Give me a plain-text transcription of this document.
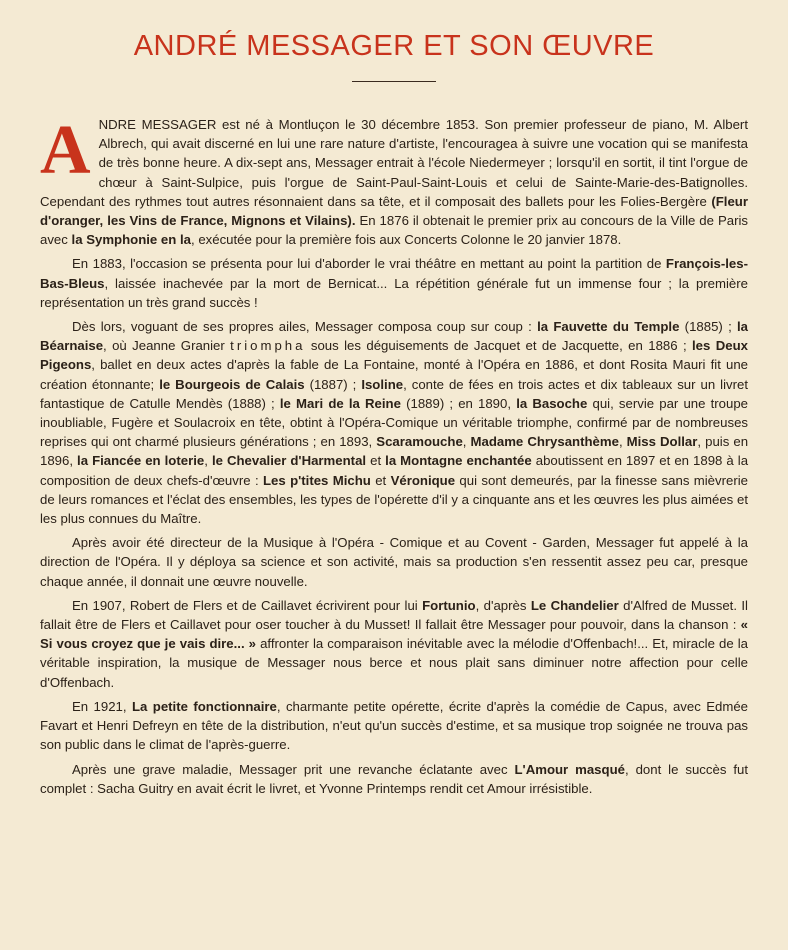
ANDRÉ MESSAGER ET SON ŒUVRE

ANDRE MESSAGER est né à Montluçon le 30 décembre 1853. Son premier professeur de piano, M. Albert Albrech, qui avait discerné en lui une rare nature d'artiste, l'encouragea à suivre une vocation qui se manifesta de très bonne heure. A dix-sept ans, Messager entrait à l'école Niedermeyer ; lorsqu'il en sortit, il tint l'orgue de chœur à Saint-Sulpice, puis l'orgue de Saint-Paul-Saint-Louis et celui de Sainte-Marie-des-Batignolles. Cependant des rythmes tout autres résonnaient dans sa tête, et il composait des ballets pour les Folies-Bergère (Fleur d'oranger, les Vins de France, Mignons et Vilains). En 1876 il obtenait le premier prix au concours de la Ville de Paris avec la Symphonie en la, exécutée pour la première fois aux Concerts Colonne le 20 janvier 1878.

En 1883, l'occasion se présenta pour lui d'aborder le vrai théâtre en mettant au point la partition de François-les-Bas-Bleus, laissée inachevée par la mort de Bernicat... La répétition générale fut un immense four ; la première représentation un très grand succès !

Dès lors, voguant de ses propres ailes, Messager composa coup sur coup : la Fauvette du Temple (1885) ; la Béarnaise, où Jeanne Granier triompha sous les déguisements de Jacquet et de Jacquette, en 1886 ; les Deux Pigeons, ballet en deux actes d'après la fable de La Fontaine, monté à l'Opéra en 1886, et dont Rosita Mauri fit une création étonnante; le Bourgeois de Calais (1887) ; Isoline, conte de fées en trois actes et dix tableaux sur un livret fantastique de Catulle Mendès (1888) ; le Mari de la Reine (1889) ; en 1890, la Basoche qui, servie par une troupe inoubliable, Fugère et Soulacroix en tête, obtint à l'Opéra-Comique un véritable triomphe, confirmé par de nombreuses reprises qui ont charmé plusieurs générations ; en 1893, Scaramouche, Madame Chrysanthème, Miss Dollar, puis en 1896, la Fiancée en loterie, le Chevalier d'Harmental et la Montagne enchantée aboutissent en 1897 et en 1898 à la composition de deux chefs-d'œuvre : Les p'tites Michu et Véronique qui sont demeurés, par la finesse sans mièvrerie de leurs romances et l'éclat des ensembles, les types de l'opérette d'il y a cinquante ans et les œuvres les plus aimées et les plus connues du Maître.

Après avoir été directeur de la Musique à l'Opéra - Comique et au Covent - Garden, Messager fut appelé à la direction de l'Opéra. Il y déploya sa science et son activité, mais sa production s'en ressentit assez peu car, presque chaque année, il donnait une œuvre nouvelle.

En 1907, Robert de Flers et de Caillavet écrivirent pour lui Fortunio, d'après Le Chandelier d'Alfred de Musset. Il fallait être de Flers et Caillavet pour oser toucher à du Musset! Il fallait être Messager pour pouvoir, dans la chanson : « Si vous croyez que je vais dire... » affronter la comparaison inévitable avec la mélodie d'Offenbach!... Et, miracle de la véritable inspiration, la musique de Messager nous berce et nous plait sans diminuer notre affection pour celle d'Offenbach.

En 1921, La petite fonctionnaire, charmante petite opérette, écrite d'après la comédie de Capus, avec Edmée Favart et Henri Defreyn en tête de la distribution, n'eut qu'un succès d'estime, et sa musique trop soignée ne trouva pas son public dans le climat de l'après-guerre.

Après une grave maladie, Messager prit une revanche éclatante avec L'Amour masqué, dont le succès fut complet : Sacha Guitry en avait écrit le livret, et Yvonne Printemps rendit cet Amour irrésistible.
